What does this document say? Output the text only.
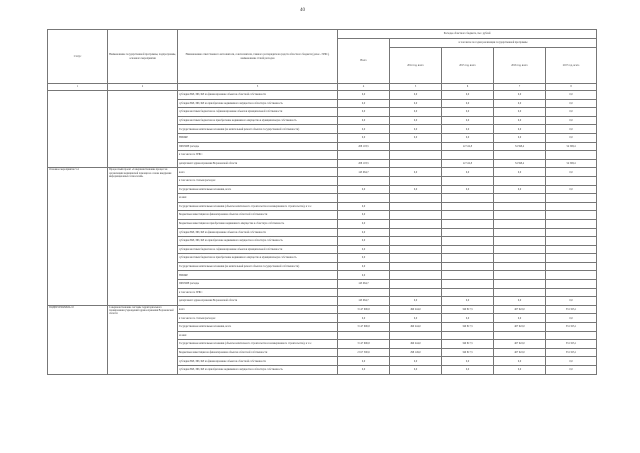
40
Статус	Наименование государственной программы, подпрограммы, основного мероприятия	Наименование ответственного исполнителя, соисполнителя, главного распорядителя средств областного бюджета (далее - ГРБС), наименование статей расходов	Расходы областного бюджета, тыс. рублей				
			Всего	в том числе по годам реализации государственной программы			
				2014 год, всего	2015 год, всего	2016 год, всего	2017 год, всего
1	2	3	4	5	6	7	8
		субсидии ЮЛ, ИП, ФЛ на финансирование объектов областной собственности	0,0	0,0	0,0	0,0	0,0
		субсидии ЮЛ, ИП, ФЛ на приобретение недвижимого имущества в областную собственность	0,0	0,0	0,0	0,0	0,0
		субсидии местным бюджетам на софинансирование объектов муниципальной собственности	0,0	0,0	0,0	0,0	0,0
		субсидии местным бюджетам на приобретение недвижимого имущества в муниципальную собственность	0,0	0,0	0,0	0,0	0,0
		Государственные капитальные вложения (на капитальный ремонт объектов государственной собственности)	0,0	0,0	0,0	0,0	0,0
		НИОКР	0,0	0,0	0,0	0,0	0,0
		ПРОЧИЕ расходы	208 103,5		22 512,8	34 598,4	54 598,4
		в том числе по ГРБС:					
		департамент здравоохранения Воронежской области	208 103,5		22 512,8	34 598,4	54 598,4
Основное мероприятие 5.4	Процессный проект «Совершенствование процессов организации медицинской помощи на основе внедрения информационных технологий»	всего	143 064,7	0,0	0,0	0,0	0,0
		в том числе по статьям расходов:					
		Государственные капитальные вложения, всего	0,0	0,0	0,0	0,0	0,0
		из них:					
		Государственные капитальные вложения (объекты капитального строительства и незавершенного строительства), в т.ч.:	0,0				
		Бюджетные инвестиции на финансирование объектов областной собственности	0,0				
		Бюджетные инвестиции на приобретение недвижимого имущества в областную собственность	0,0				
		субсидии ЮЛ, ИП, ФЛ на финансирование объектов областной собственности	0,0				
		субсидии ЮЛ, ИП, ФЛ на приобретение недвижимого имущества в областную собственность	0,0				
		субсидии местным бюджетам на софинансирование объектов муниципальной собственности	0,0				
		субсидии местным бюджетам на приобретение недвижимого имущества в муниципальную собственность	0,0				
		Государственные капитальные вложения (на капитальный ремонт объектов государственной собственности)	0,0				
		НИОКР	0,0				
		ПРОЧИЕ расходы	143 064,7				
		в том числе по ГРБС:					
		департамент здравоохранения Воронежской области	143 064,7	0,0	0,0	0,0	0,0
ПОДПРОГРАММА 10	Совершенствование системы территориального планирования учреждений здравоохранения Воронежской области	всего	3 147 606,8	490 244,0	340 817,5	407 922,0	331 323,1
		в том числе по статьям расходов:	0,0	0,0	0,0	0,0	0,0
		Государственные капитальные вложения, всего	3 147 606,8	490 244,0	340 817,5	407 922,0	331 323,1
		из них:					
		Государственные капитальные вложения (объекты капитального строительства и незавершенного строительства), в т.ч.:	3 147 606,8	490 244,0	340 817,5	407 922,0	331 323,1
		Бюджетные инвестиции на финансирование объектов областной собственности	2 917 300,6	298 149,0	340 817,5	407 922,0	331 323,1
		субсидии ЮЛ, ИП, ФЛ на финансирование объектов областной собственности	0,0	0,0	0,0	0,0	0,0
		субсидии ЮЛ, ИП, ФЛ на приобретение недвижимого имущества в областную собственность	0,0	0,0	0,0	0,0	0,0
